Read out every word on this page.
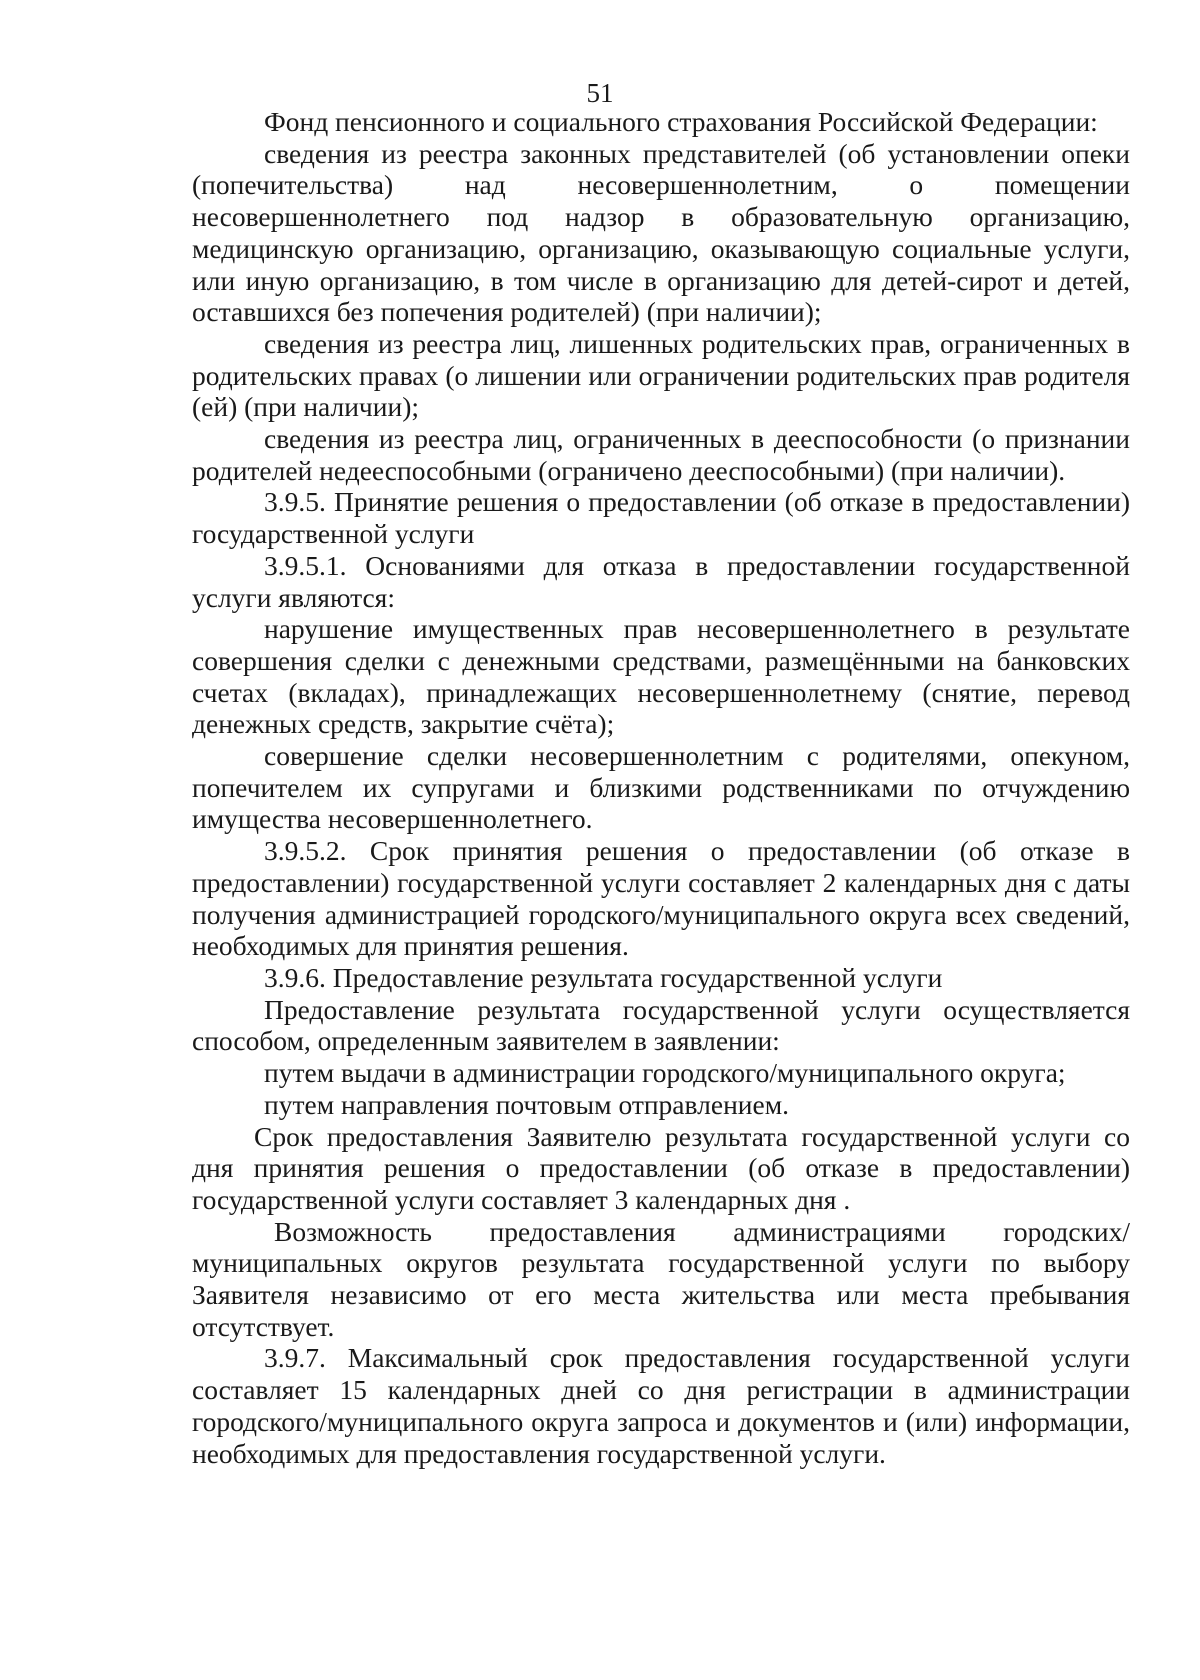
51

Фонд пенсионного и социального страхования Российской Федерации:

сведения из реестра законных представителей (об установлении опеки (попечительства) над несовершеннолетним, о помещении несовершеннолетнего под надзор в образовательную организацию, медицинскую организацию, организацию, оказывающую социальные услуги, или иную организацию, в том числе в организацию для детей-сирот и детей, оставшихся без попечения родителей) (при наличии);

сведения из реестра лиц, лишенных родительских прав, ограниченных в родительских правах (о лишении или ограничении родительских прав родителя (ей) (при наличии);

сведения из реестра лиц, ограниченных в дееспособности (о признании родителей недееспособными (ограничено дееспособными) (при наличии).

3.9.5. Принятие решения о предоставлении (об отказе в предоставлении) государственной услуги

3.9.5.1. Основаниями для отказа в предоставлении государственной услуги являются:

нарушение имущественных прав несовершеннолетнего в результате совершения сделки с денежными средствами, размещёнными на банковских счетах (вкладах), принадлежащих несовершеннолетнему (снятие, перевод денежных средств, закрытие счёта);

совершение сделки несовершеннолетним с родителями, опекуном, попечителем их супругами и близкими родственниками по отчуждению имущества несовершеннолетнего.

3.9.5.2. Срок принятия решения о предоставлении (об отказе в предоставлении) государственной услуги составляет 2 календарных дня с даты получения администрацией городского/муниципального округа всех сведений, необходимых для принятия решения.

3.9.6. Предоставление результата государственной услуги

Предоставление результата государственной услуги осуществляется способом, определенным заявителем в заявлении:

путем выдачи в администрации городского/муниципального округа;

путем направления почтовым отправлением.

Срок предоставления Заявителю результата государственной услуги со дня принятия решения о предоставлении (об отказе в предоставлении) государственной услуги составляет 3 календарных дня .

Возможность предоставления администрациями городских/муниципальных округов результата государственной услуги по выбору Заявителя независимо от его места жительства или места пребывания отсутствует.

3.9.7. Максимальный срок предоставления государственной услуги составляет 15 календарных дней со дня регистрации в администрации городского/муниципального округа запроса и документов и (или) информации, необходимых для предоставления государственной услуги.
